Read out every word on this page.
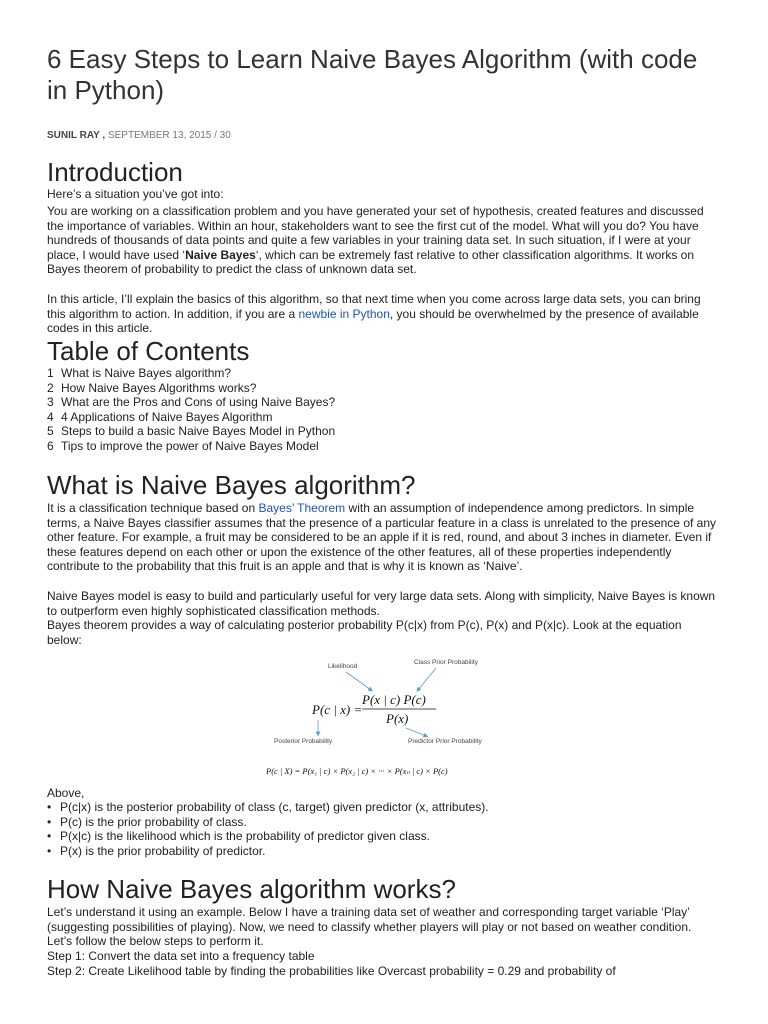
6 Easy Steps to Learn Naive Bayes Algorithm (with code in Python)
SUNIL RAY , SEPTEMBER 13, 2015 / 30
Introduction

Here’s a situation you’ve got into:

You are working on a classification problem and you have generated your set of hypothesis, created features and discussed the importance of variables. Within an hour, stakeholders want to see the first cut of the model. What will you do? You have hundreds of thousands of data points and quite a few variables in your training data set. In such situation, if I were at your place, I would have used ‘Naive Bayes‘, which can be extremely fast relative to other classification algorithms. It works on Bayes theorem of probability to predict the class of unknown data set.

In this article, I’ll explain the basics of this algorithm, so that next time when you come across large data sets, you can bring this algorithm to action. In addition, if you are a newbie in Python, you should be overwhelmed by the presence of available codes in this article.

Table of Contents
1 What is Naive Bayes algorithm?
2 How Naive Bayes Algorithms works?
3 What are the Pros and Cons of using Naive Bayes?
4 4 Applications of Naive Bayes Algorithm
5 Steps to build a basic Naive Bayes Model in Python
6 Tips to improve the power of Naive Bayes Model
What is Naive Bayes algorithm?

It is a classification technique based on Bayes’ Theorem with an assumption of independence among predictors. In simple terms, a Naive Bayes classifier assumes that the presence of a particular feature in a class is unrelated to the presence of any other feature. For example, a fruit may be considered to be an apple if it is red, round, and about 3 inches in diameter. Even if these features depend on each other or upon the existence of the other features, all of these properties independently contribute to the probability that this fruit is an apple and that is why it is known as ‘Naive’.

Naive Bayes model is easy to build and particularly useful for very large data sets. Along with simplicity, Naive Bayes is known to outperform even highly sophisticated classification methods.

Bayes theorem provides a way of calculating posterior probability P(c|x) from P(c), P(x) and P(x|c). Look at the equation below:

Above,

• P(c|x) is the posterior probability of class (c, target) given predictor (x, attributes).
• P(c) is the prior probability of class.
• P(x|c) is the likelihood which is the probability of predictor given class.
• P(x) is the prior probability of predictor.
How Naive Bayes algorithm works?

Let’s understand it using an example. Below I have a training data set of weather and corresponding target variable ‘Play’ (suggesting possibilities of playing). Now, we need to classify whether players will play or not based on weather condition. Let’s follow the below steps to perform it.

Step 1: Convert the data set into a frequency table

Step 2: Create Likelihood table by finding the probabilities like Overcast probability = 0.29 and probability of

Likelihood
Class Prior Probability
P(c | x) =
P(x | c) P(c)
P(x)
Posterior Probability	Predictor Prior Probability
P(c | X) = P(x₁ | c) × P(x₂ | c) × ··· × P(xₙ | c) × P(c)
